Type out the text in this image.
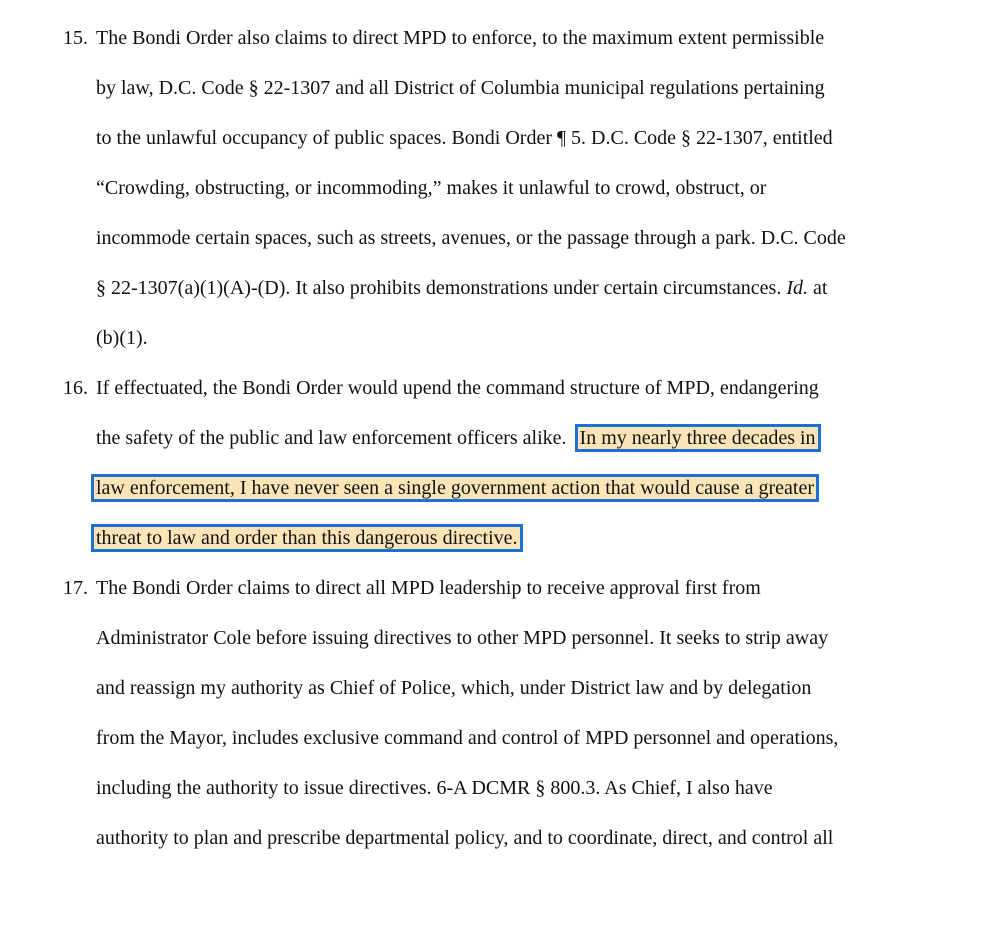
15. The Bondi Order also claims to direct MPD to enforce, to the maximum extent permissible
by law, D.C. Code § 22-1307 and all District of Columbia municipal regulations pertaining
to the unlawful occupancy of public spaces. Bondi Order ¶ 5. D.C. Code § 22-1307, entitled
“Crowding, obstructing, or incommoding,” makes it unlawful to crowd, obstruct, or
incommode certain spaces, such as streets, avenues, or the passage through a park. D.C. Code
§ 22-1307(a)(1)(A)-(D). It also prohibits demonstrations under certain circumstances. Id. at
(b)(1).
16. If effectuated, the Bondi Order would upend the command structure of MPD, endangering
the safety of the public and law enforcement officers alike. In my nearly three decades in
law enforcement, I have never seen a single government action that would cause a greater
threat to law and order than this dangerous directive.
17. The Bondi Order claims to direct all MPD leadership to receive approval first from
Administrator Cole before issuing directives to other MPD personnel. It seeks to strip away
and reassign my authority as Chief of Police, which, under District law and by delegation
from the Mayor, includes exclusive command and control of MPD personnel and operations,
including the authority to issue directives. 6-A DCMR § 800.3. As Chief, I also have
authority to plan and prescribe departmental policy, and to coordinate, direct, and control all
